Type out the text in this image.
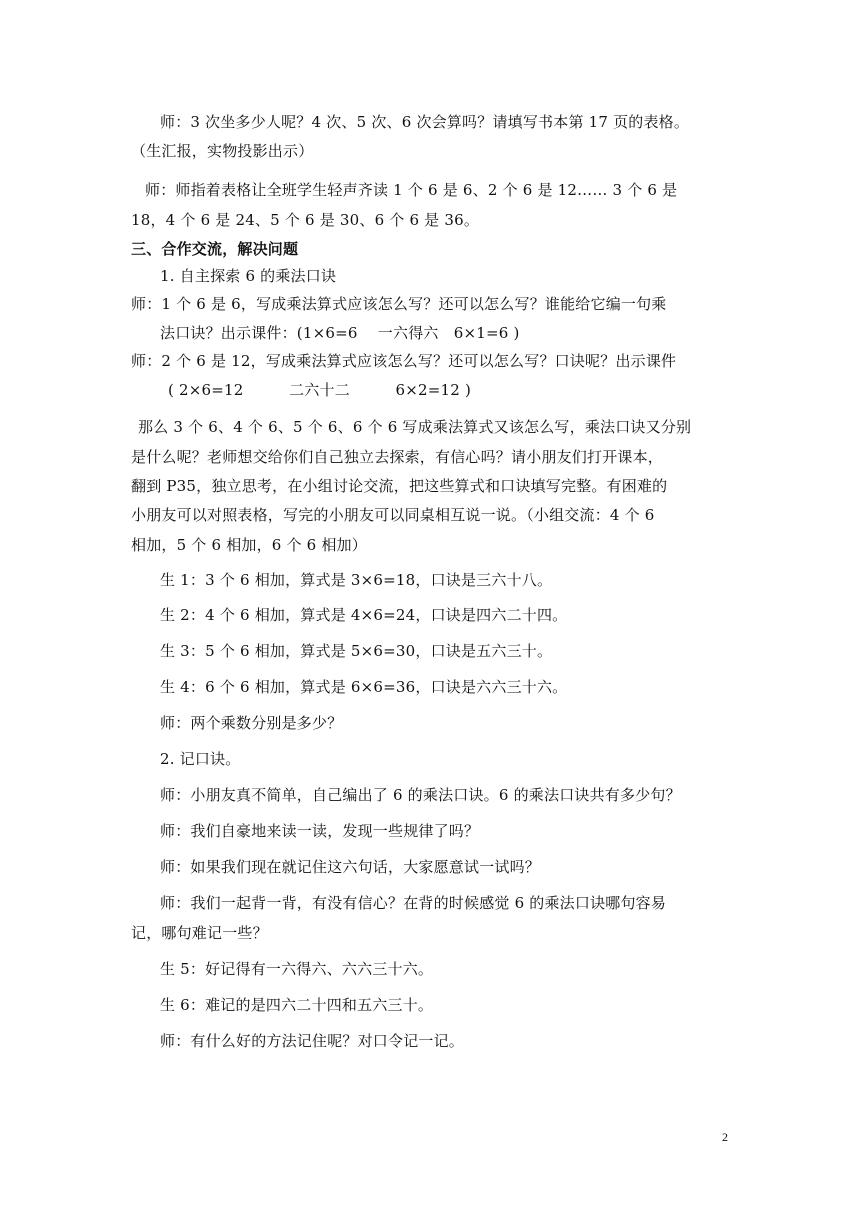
师：3 次坐多少人呢？4 次、5 次、6 次会算吗？请填写书本第 17 页的表格。
（生汇报，实物投影出示）
师：师指着表格让全班学生轻声齐读 1 个 6 是 6、2 个 6 是 12…… 3 个 6 是
18，4 个 6 是 24、5 个 6 是 30、6 个 6 是 36。
三、合作交流，解决问题
1. 自主探索 6 的乘法口诀
师：1 个 6 是 6，写成乘法算式应该怎么写？还可以怎么写？谁能给它编一句乘
法口诀？出示课件：(1×6=6　 一六得六　6×1=6 )
师：2 个 6 是 12，写成乘法算式应该怎么写？还可以怎么写？口诀呢？出示课件
( 2×6=12　　　二六十二　　　6×2=12 )
那么 3 个 6、4 个 6、5 个 6、6 个 6 写成乘法算式又该怎么写，乘法口诀又分别
是什么呢？老师想交给你们自己独立去探索，有信心吗？请小朋友们打开课本，
翻到 P35，独立思考，在小组讨论交流，把这些算式和口诀填写完整。有困难的
小朋友可以对照表格，写完的小朋友可以同桌相互说一说。（小组交流：4 个 6
相加，5 个 6 相加，6 个 6 相加）
生 1：3 个 6 相加，算式是 3×6=18，口诀是三六十八。
生 2：4 个 6 相加，算式是 4×6=24，口诀是四六二十四。
生 3：5 个 6 相加，算式是 5×6=30，口诀是五六三十。
生 4：6 个 6 相加，算式是 6×6=36，口诀是六六三十六。
师：两个乘数分别是多少？
2. 记口诀。
师：小朋友真不简单，自己编出了 6 的乘法口诀。6 的乘法口诀共有多少句？
师：我们自豪地来读一读，发现一些规律了吗？
师：如果我们现在就记住这六句话，大家愿意试一试吗？
师：我们一起背一背，有没有信心？在背的时候感觉 6 的乘法口诀哪句容易
记，哪句难记一些？
生 5：好记得有一六得六、六六三十六。
生 6：难记的是四六二十四和五六三十。
师：有什么好的方法记住呢？对口令记一记。
2
